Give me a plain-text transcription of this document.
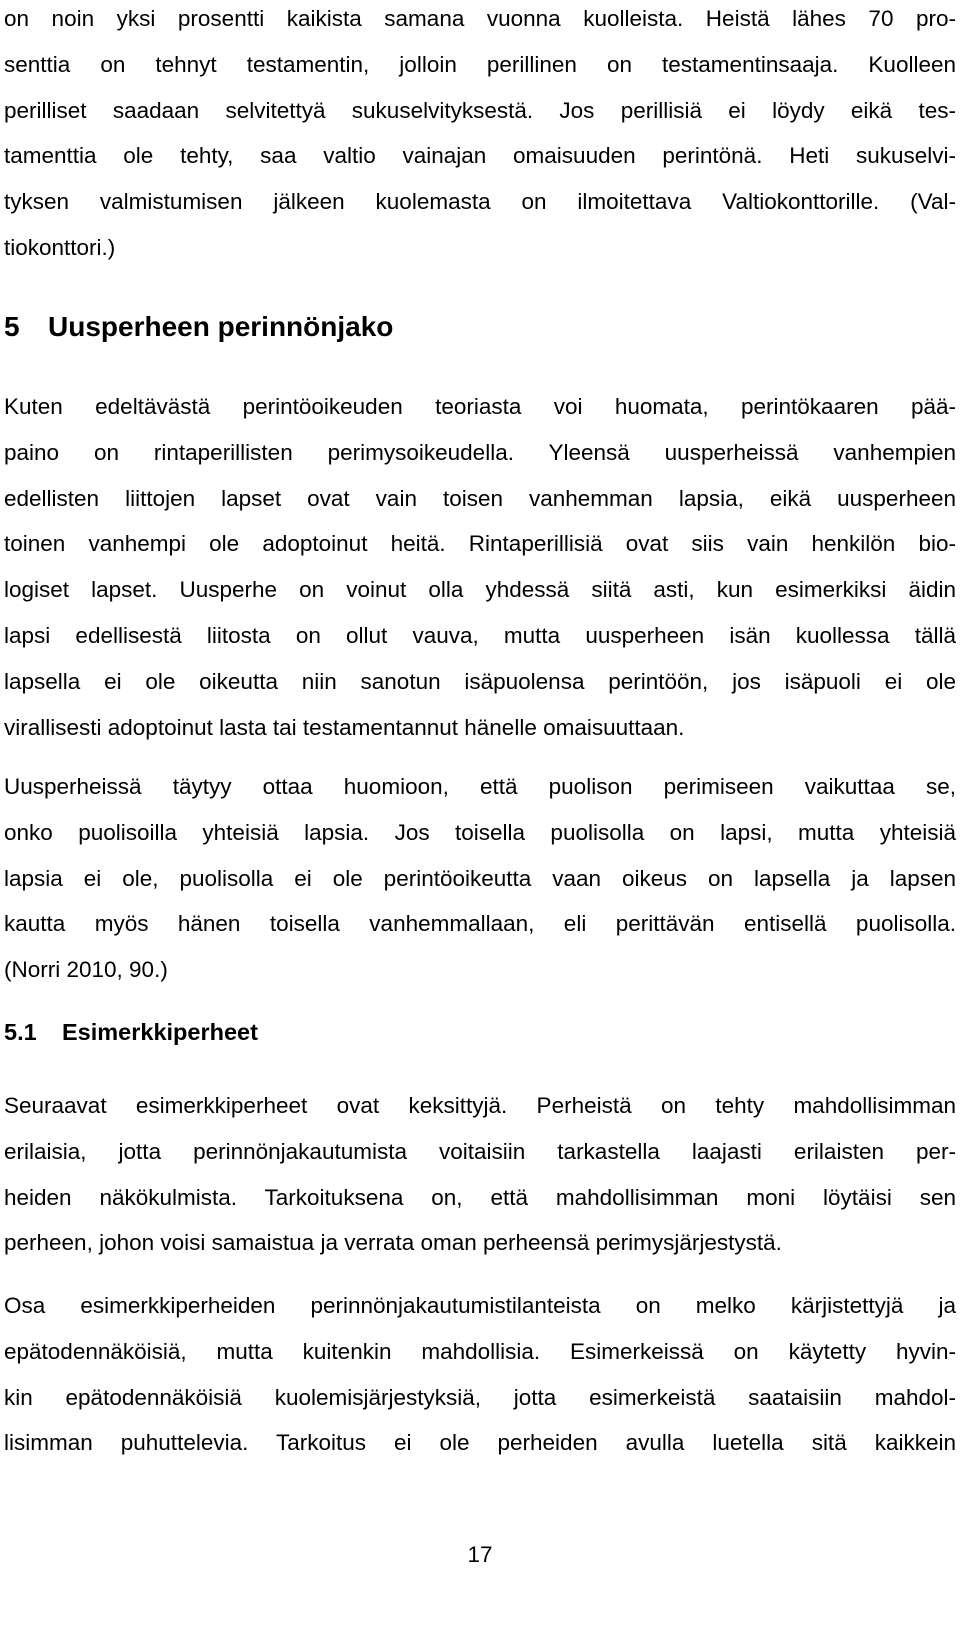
on noin yksi prosentti kaikista samana vuonna kuolleista. Heistä lähes 70 pro-
senttia on tehnyt testamentin, jolloin perillinen on testamentinsaaja. Kuolleen
perilliset saadaan selvitettyä sukuselvityksestä. Jos perillisiä ei löydy eikä tes-
tamenttia ole tehty, saa valtio vainajan omaisuuden perintönä. Heti sukuselvi-
tyksen valmistumisen jälkeen kuolemasta on ilmoitettava Valtiokonttorille. (Val-
tiokonttori.)

5 Uusperheen perinnönjako

Kuten edeltävästä perintöoikeuden teoriasta voi huomata, perintökaaren pää-
paino on rintaperillisten perimysoikeudella. Yleensä uusperheissä vanhempien
edellisten liittojen lapset ovat vain toisen vanhemman lapsia, eikä uusperheen
toinen vanhempi ole adoptoinut heitä. Rintaperillisiä ovat siis vain henkilön bio-
logiset lapset. Uusperhe on voinut olla yhdessä siitä asti, kun esimerkiksi äidin
lapsi edellisestä liitosta on ollut vauva, mutta uusperheen isän kuollessa tällä
lapsella ei ole oikeutta niin sanotun isäpuolensa perintöön, jos isäpuoli ei ole
virallisesti adoptoinut lasta tai testamentannut hänelle omaisuuttaan.

Uusperheissä täytyy ottaa huomioon, että puolison perimiseen vaikuttaa se,
onko puolisoilla yhteisiä lapsia. Jos toisella puolisolla on lapsi, mutta yhteisiä
lapsia ei ole, puolisolla ei ole perintöoikeutta vaan oikeus on lapsella ja lapsen
kautta myös hänen toisella vanhemmallaan, eli perittävän entisellä puolisolla.
(Norri 2010, 90.)

5.1 Esimerkkiperheet

Seuraavat esimerkkiperheet ovat keksittyjä. Perheistä on tehty mahdollisimman
erilaisia, jotta perinnönjakautumista voitaisiin tarkastella laajasti erilaisten per-
heiden näkökulmista. Tarkoituksena on, että mahdollisimman moni löytäisi sen
perheen, johon voisi samaistua ja verrata oman perheensä perimysjärjestystä.

Osa esimerkkiperheiden perinnönjakautumistilanteista on melko kärjistettyjä ja
epätodennäköisiä, mutta kuitenkin mahdollisia. Esimerkeissä on käytetty hyvin-
kin epätodennäköisiä kuolemisjärjestyksiä, jotta esimerkeistä saataisiin mahdol-
lisimman puhuttelevia. Tarkoitus ei ole perheiden avulla luetella sitä kaikkein

17
